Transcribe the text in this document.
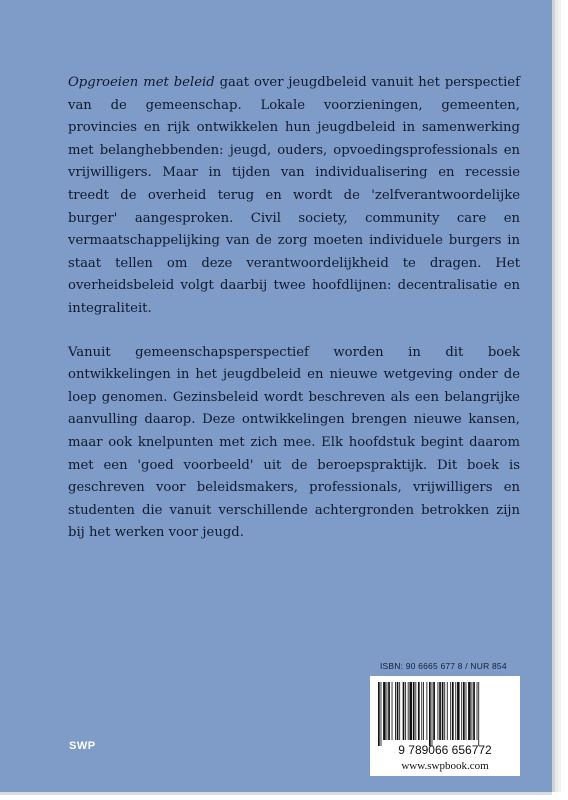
Opgroeien met beleid gaat over jeugdbeleid vanuit het perspectief van de gemeenschap. Lokale voorzieningen, gemeenten, provincies en rijk ontwikkelen hun jeugdbeleid in samenwerking met belanghebbenden: jeugd, ouders, opvoedingsprofessionals en vrijwilligers. Maar in tijden van individualisering en recessie treedt de overheid terug en wordt de 'zelfverantwoordelijke burger' aangesproken. Civil society, community care en vermaatschappelijking van de zorg moeten individuele burgers in staat tellen om deze verantwoordelijkheid te dragen. Het overheidsbeleid volgt daarbij twee hoofdlijnen: decentralisatie en integraliteit.

Vanuit gemeenschapsperspectief worden in dit boek ontwikkelingen in het jeugdbeleid en nieuwe wetgeving onder de loep genomen. Gezinsbeleid wordt beschreven als een belangrijke aanvulling daarop. Deze ontwikkelingen brengen nieuwe kansen, maar ook knelpunten met zich mee. Elk hoofdstuk begint daarom met een 'goed voorbeeld' uit de beroepspraktijk. Dit boek is geschreven voor beleidsmakers, professionals, vrijwilligers en studenten die vanuit verschillende achtergronden betrokken zijn bij het werken voor jeugd.

ISBN: 90 6665 677 8 / NUR 854
9 789066 656772
www.swpbook.com
SWP
